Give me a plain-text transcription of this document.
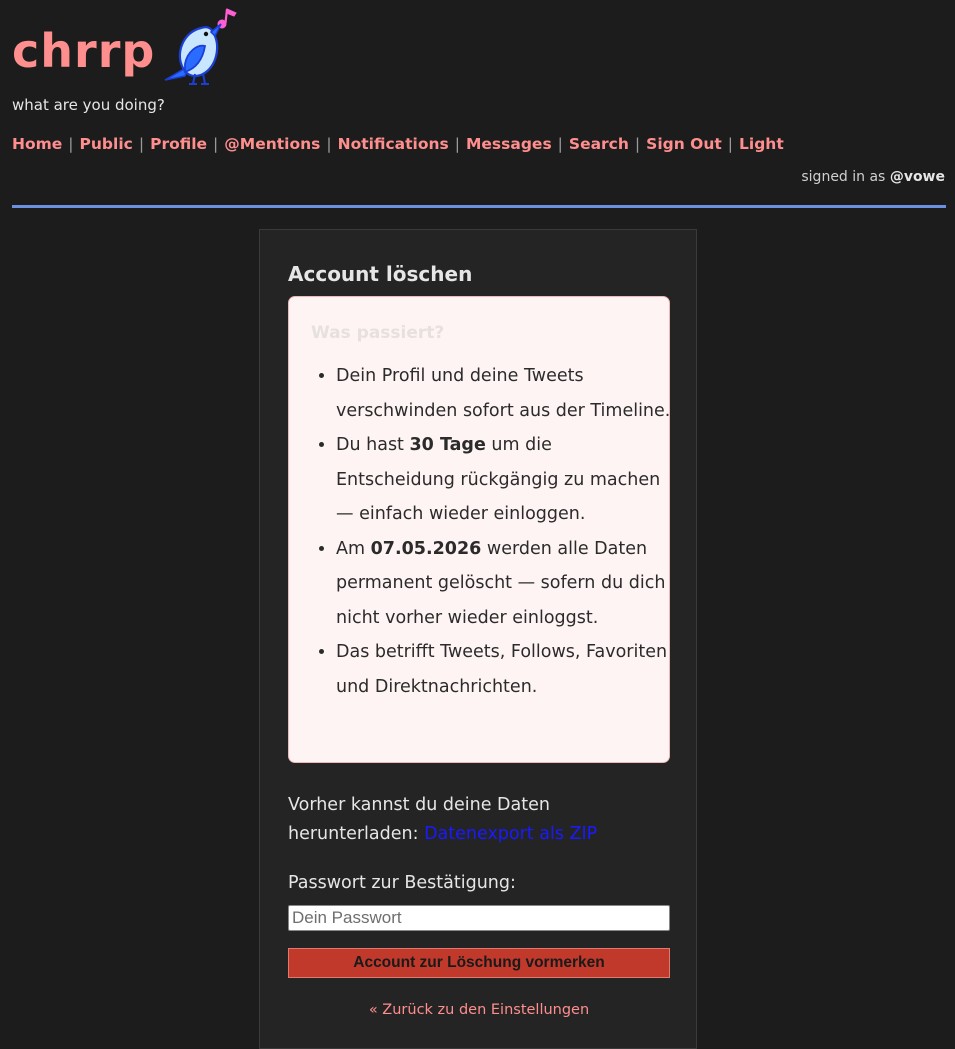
chrrp
what are you doing?
Home | Public | Profile | @Mentions | Notifications | Messages | Search | Sign Out | Light
signed in as @vowe
Account löschen
Was passiert?
• Dein Profil und deine Tweets verschwinden sofort aus der Timeline.
• Du hast 30 Tage um die Entscheidung rückgängig zu machen — einfach wieder einloggen.
• Am 07.05.2026 werden alle Daten permanent gelöscht — sofern du dich nicht vorher wieder einloggst.
• Das betrifft Tweets, Follows, Favoriten und Direktnachrichten.
Vorher kannst du deine Daten herunterladen: Datenexport als ZIP
Passwort zur Bestätigung:
Account zur Löschung vormerken
« Zurück zu den Einstellungen
